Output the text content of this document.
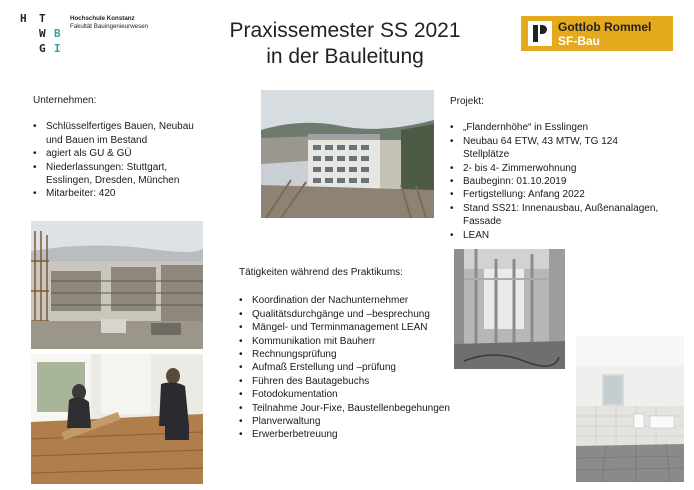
H T
W
G
B
I
Hochschule Konstanz
Fakultät Bauingenieurwesen	Praxissemester SS 2021
in der Bauleitung
Gottlob Rommel
SF-Bau
Unternehmen:
• Schlüsselfertiges Bauen, Neubau und Bauen im Bestand
• agiert als GU & GÜ
• Niederlassungen: Stuttgart, Esslingen, Dresden, München
• Mitarbeiter: 420
Projekt:
• „Flandernhöhe“ in Esslingen
• Neubau 64 ETW, 43 MTW, TG 124 Stellplätze
• 2- bis 4- Zimmerwohnung
• Baubeginn: 01.10.2019
• Fertigstellung: Anfang 2022
• Stand SS21: Innenausbau, Außenanalagen, Fassade
• LEAN
Tätigkeiten während des Praktikums:
• Koordination der Nachunternehmer
• Qualitätsdurchgänge und –besprechung
• Mängel- und Terminmanagement LEAN
• Kommunikation mit Bauherr
• Rechnungsprüfung
• Aufmaß Erstellung und –prüfung
• Führen des Bautagebuchs
• Fotodokumentation
• Teilnahme Jour-Fixe, Baustellenbegehungen
• Planverwaltung
• Erwerberbetreuung
